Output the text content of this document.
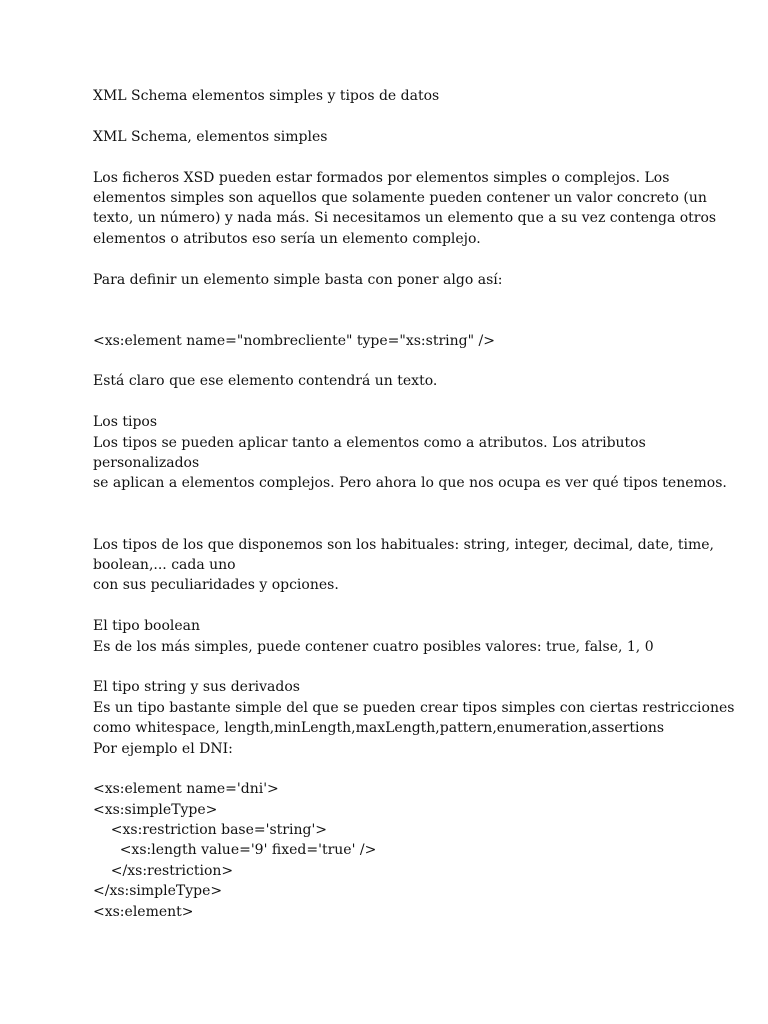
XML Schema elementos simples y tipos de datos
XML Schema, elementos simples
Los ficheros XSD pueden estar formados por elementos simples o complejos. Los
elementos simples son aquellos que solamente pueden contener un valor concreto (un
texto, un número) y nada más. Si necesitamos un elemento que a su vez contenga otros
elementos o atributos eso sería un elemento complejo.
Para definir un elemento simple basta con poner algo así:
<xs:element name="nombrecliente" type="xs:string" />
Está claro que ese elemento contendrá un texto.
Los tipos
Los tipos se pueden aplicar tanto a elementos como a atributos. Los atributos
personalizados
se aplican a elementos complejos. Pero ahora lo que nos ocupa es ver qué tipos tenemos.
Los tipos de los que disponemos son los habituales: string, integer, decimal, date, time,
boolean,... cada uno
con sus peculiaridades y opciones.
El tipo boolean
Es de los más simples, puede contener cuatro posibles valores: true, false, 1, 0
El tipo string y sus derivados
Es un tipo bastante simple del que se pueden crear tipos simples con ciertas restricciones
como whitespace, length,minLength,maxLength,pattern,enumeration,assertions
Por ejemplo el DNI:
<xs:element name='dni'>
<xs:simpleType>
<xs:restriction base='string'>
<xs:length value='9' fixed='true' />
</xs:restriction>
</xs:simpleType>
<xs:element>
